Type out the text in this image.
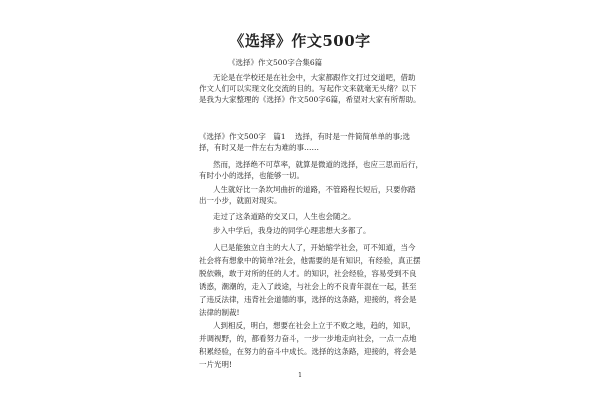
《选择》作文500字
《选择》作文500字合集6篇
无论是在学校还是在社会中，大家都跟作文打过交道吧，借助
作文人们可以实现文化交流的目的。写起作文来就毫无头绪？以下
是我为大家整理的《选择》作文500字6篇，希望对大家有所帮助。
《选择》作文500字　篇1 选择，有时是一件简简单单的事;选
择，有时又是一件左右为难的事……
然而，选择绝不可草率，就算是微道的选择，也应三思而后行，
有时小小的选择，也能够一切。
人生就好比一条坎坷曲折的道路，不管路程长短后，只要你踏
出一小步，就面对现实。
走过了这条道路的交叉口，人生也会随之。
步入中学后，我身边的同学心理悲想大多都了。
人已是能独立自主的大人了，开始缩学社会，可不知道，当今
社会将有想象中的简单?社会，他需要的是有知识，有经验，真正摆
脱依赖，敢于对所的任的人才。的知识，社会经验，容易受到不良
诱惑，潮潮的，走入了歧途，与社会上的不良青年混在一起，甚至
了违反法律，违背社会道德的事，选择的这条路，迎接的，将会是
法律的制裁!
人到相反，明白，想要在社会上立于不败之地，趋的，知识，
并调视野，的，都看努力奋斗，一步一步地走向社会，一点一点地
积累经验，在努力的奋斗中成长。选择的这条路，迎接的，将会是
一片光明!
1
